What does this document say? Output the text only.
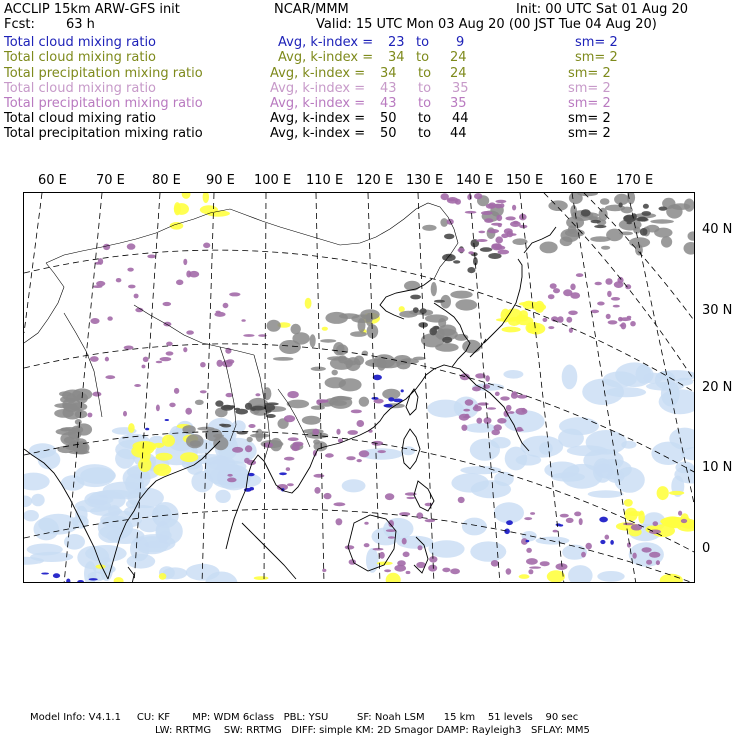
ACCLIP 15km ARW-GFS init	NCAR/MMM	Init: 00 UTC Sat 01 Aug 20
Fcst: 63 h	Valid: 15 UTC Mon 03 Aug 20 (00 JST Tue 04 Aug 20)
Total cloud mixing ratio	Avg, k-index = 23 to 9	sm= 2
Total cloud mixing ratio	Avg, k-index = 34 to 24	sm= 2
Total precipitation mixing ratio	Avg, k-index = 34 to 24	sm= 2
Total cloud mixing ratio	Avg, k-index = 43 to 35	sm= 2
Total precipitation mixing ratio	Avg, k-index = 43 to 35	sm= 2
Total cloud mixing ratio	Avg, k-index = 50 to 44	sm= 2
Total precipitation mixing ratio	Avg, k-index = 50 to 44	sm= 2
60 E 70 E 80 E 90 E 100 E 110 E 120 E 130 E 140 E 150 E 160 E 170 E
40 N
30 N
20 N
10 N
0
Model Info: V4.1.1     CU: KF       MP: WDM 6class   PBL: YSU         SF: Noah LSM      15 km    51 levels    90 sec
LW: RRTMG    SW: RRTMG   DIFF: simple KM: 2D Smagor DAMP: Rayleigh3   SFLAY: MM5
